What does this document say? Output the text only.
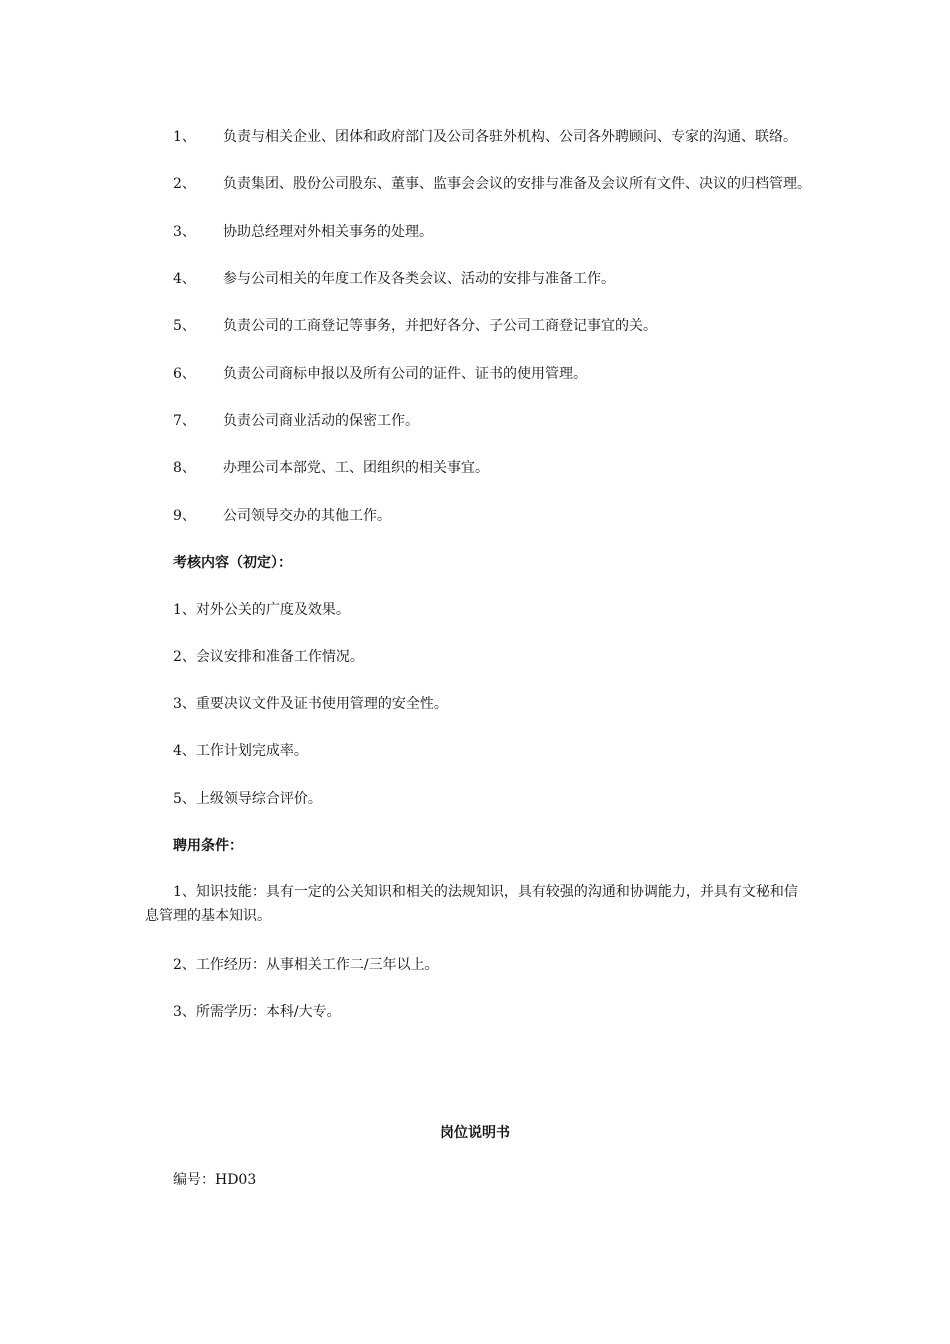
1、 负责与相关企业、团体和政府部门及公司各驻外机构、公司各外聘顾问、专家的沟通、联络。
2、 负责集团、股份公司股东、董事、监事会会议的安排与准备及会议所有文件、决议的归档管理。
3、 协助总经理对外相关事务的处理。
4、 参与公司相关的年度工作及各类会议、活动的安排与准备工作。
5、 负责公司的工商登记等事务，并把好各分、子公司工商登记事宜的关。
6、 负责公司商标申报以及所有公司的证件、证书的使用管理。
7、 负责公司商业活动的保密工作。
8、 办理公司本部党、工、团组织的相关事宜。
9、 公司领导交办的其他工作。
考核内容（初定）：
1、对外公关的广度及效果。
2、会议安排和准备工作情况。
3、重要决议文件及证书使用管理的安全性。
4、工作计划完成率。
5、上级领导综合评价。
聘用条件：
1、知识技能：具有一定的公关知识和相关的法规知识，具有较强的沟通和协调能力，并具有文秘和信息管理的基本知识。
2、工作经历：从事相关工作二/三年以上。
3、所需学历：本科/大专。
岗位说明书
编号：HD03
